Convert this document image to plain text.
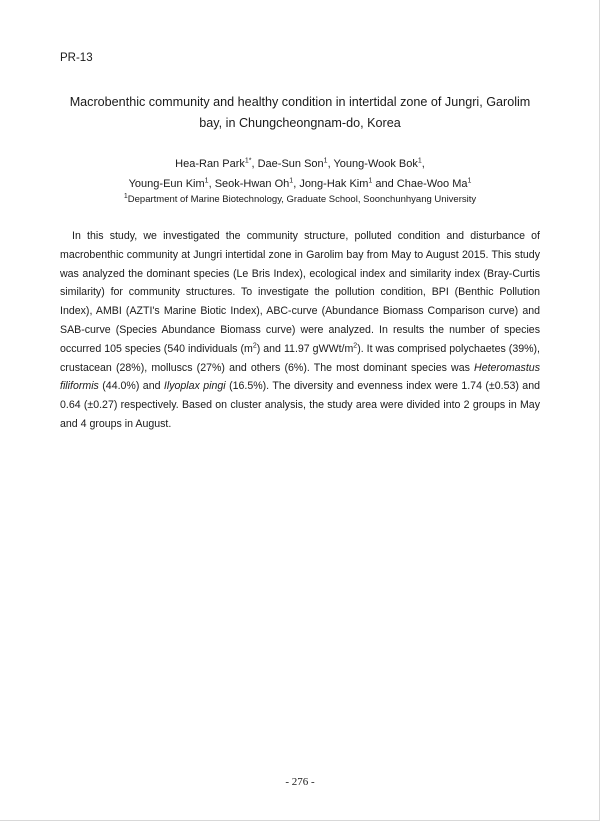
PR-13
Macrobenthic community and healthy condition in intertidal zone of Jungri, Garolim
bay, in Chungcheongnam-do, Korea
Hea-Ran Park$^{1*}$, Dae-Sun Son$^1$, Young-Wook Bok$^1$,
Young-Eun Kim$^1$, Seok-Hwan Oh$^1$, Jong-Hak Kim$^1$ and Chae-Woo Ma$^1$
$^1$Department of Marine Biotechnology, Graduate School, Soonchunhyang University

In this study, we investigated the community structure, polluted condition and disturbance of macrobenthic community at Jungri intertidal zone in Garolim bay from May to August 2015. This study was analyzed the dominant species (Le Bris Index), ecological index and similarity index (Bray-Curtis similarity) for community structures. To investigate the pollution condition, BPI (Benthic Pollution Index), AMBI (AZTI's Marine Biotic Index), ABC-curve (Abundance Biomass Comparison curve) and SAB-curve (Species Abundance Biomass curve) were analyzed. In results the number of species occurred 105 species (540 individuals $(m^2)$ and 11.97 gWWt/$m^2$). It was comprised polychaetes (39%), crustacean (28%), molluscs (27%) and others (6%). The most dominant species was Heteromastus filiformis (44.0%) and Ilyoplax pingi (16.5%). The diversity and evenness index were 1.74 (±0.53) and 0.64 (±0.27) respectively. Based on cluster analysis, the study area were divided into 2 groups in May and 4 groups in August.

- 276 -
